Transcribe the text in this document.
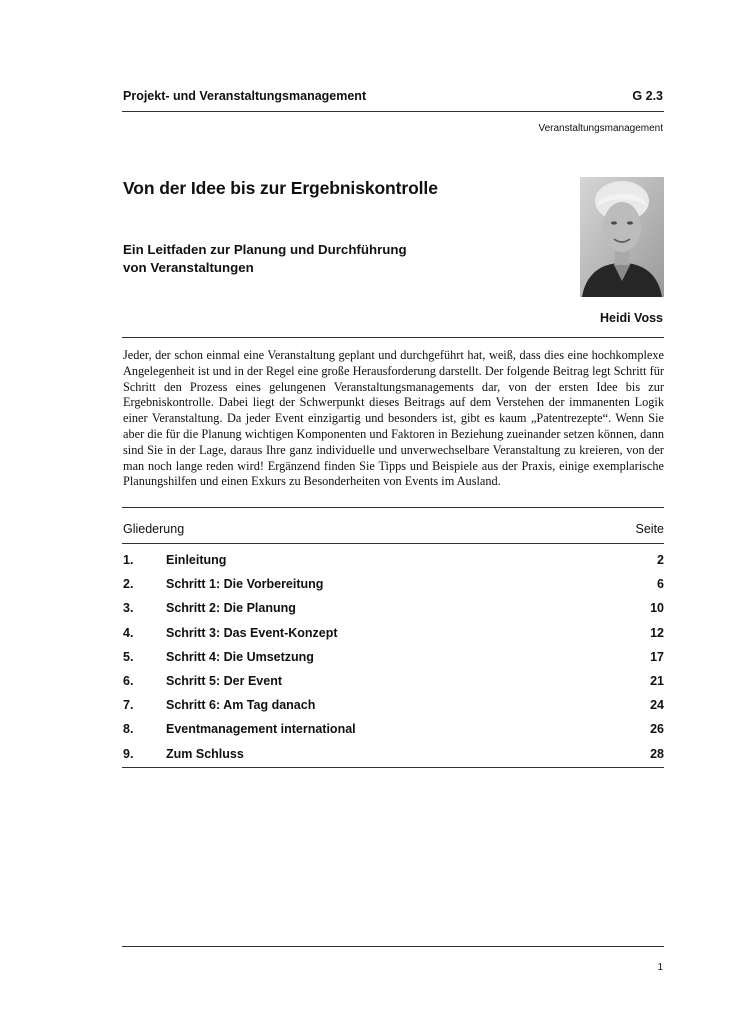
Projekt- und Veranstaltungsmanagement	G 2.3
Veranstaltungsmanagement
Von der Idee bis zur Ergebniskontrolle
Ein Leitfaden zur Planung und Durchführung
von Veranstaltungen
Heidi Voss
Jeder, der schon einmal eine Veranstaltung geplant und durchgeführt hat, weiß, dass dies eine hochkomplexe Angelegenheit ist und in der Regel eine große Herausforderung darstellt. Der folgende Beitrag legt Schritt für Schritt den Prozess eines gelungenen Veranstaltungsmanagements dar, von der ersten Idee bis zur Ergebniskontrolle. Dabei liegt der Schwerpunkt dieses Beitrags auf dem Verstehen der immanenten Logik einer Veranstaltung. Da jeder Event einzigartig und besonders ist, gibt es kaum „Patentrezepte“. Wenn Sie aber die für die Planung wichtigen Komponenten und Faktoren in Beziehung zueinander setzen können, dann sind Sie in der Lage, daraus Ihre ganz individuelle und unverwechselbare Veranstaltung zu kreieren, von der man noch lange reden wird! Ergänzend finden Sie Tipps und Beispiele aus der Praxis, einige exemplarische Planungshilfen und einen Exkurs zu Besonderheiten von Events im Ausland.
Gliederung	Seite
1.	Einleitung	2
2.	Schritt 1: Die Vorbereitung	6
3.	Schritt 2: Die Planung	10
4.	Schritt 3: Das Event-Konzept	12
5.	Schritt 4: Die Umsetzung	17
6.	Schritt 5: Der Event	21
7.	Schritt 6: Am Tag danach	24
8.	Eventmanagement international	26
9.	Zum Schluss	28
1
